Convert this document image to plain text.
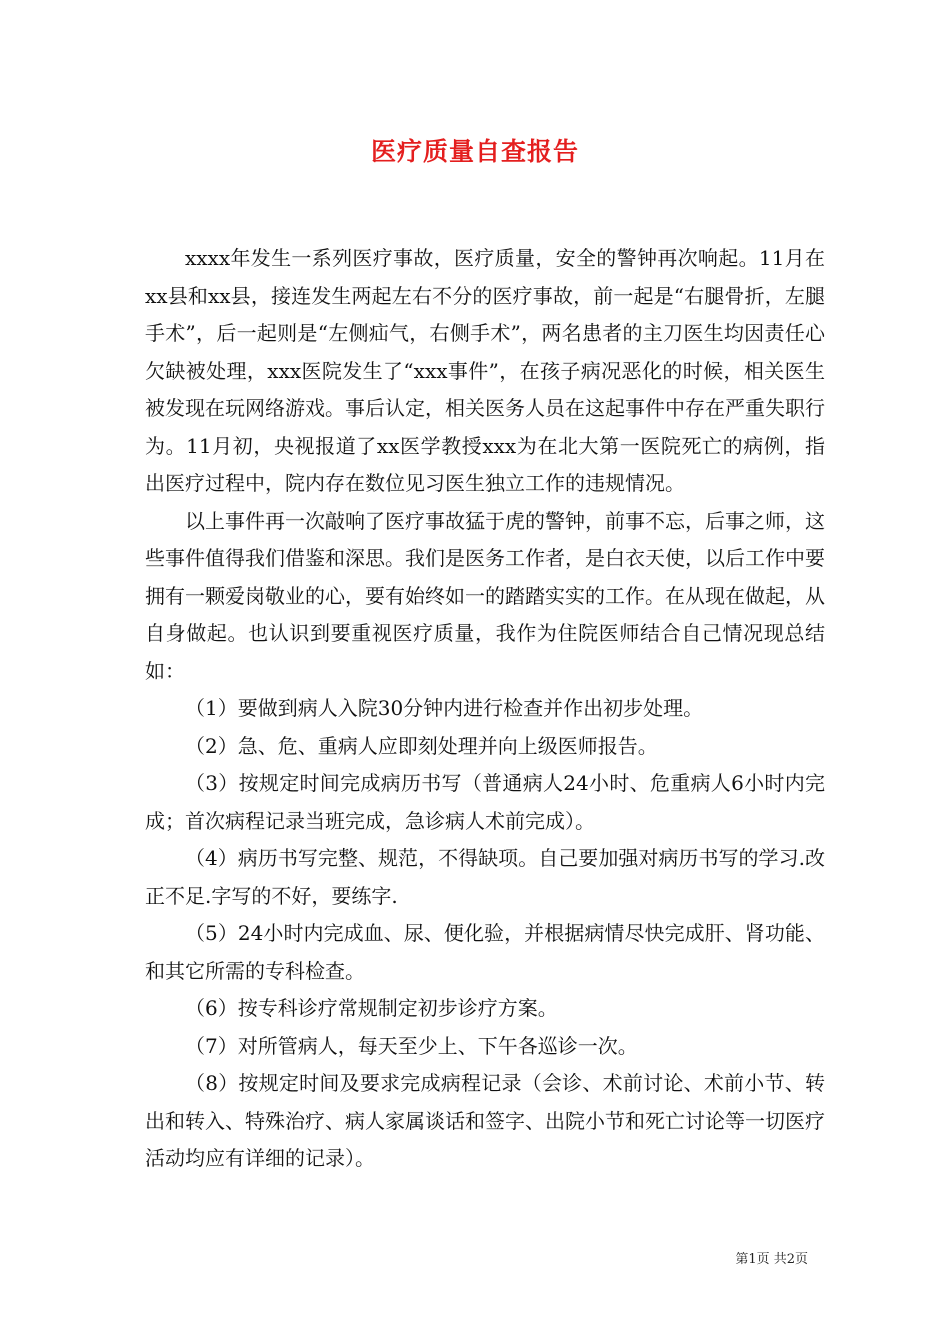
医疗质量自查报告

xxxx年发生一系列医疗事故，医疗质量，安全的警钟再次响起。11月在xx县和xx县，接连发生两起左右不分的医疗事故，前一起是“右腿骨折，左腿手术”，后一起则是“左侧疝气，右侧手术”，两名患者的主刀医生均因责任心欠缺被处理，xxx医院发生了“xxx事件”，在孩子病况恶化的时候，相关医生被发现在玩网络游戏。事后认定，相关医务人员在这起事件中存在严重失职行为。11月初，央视报道了xx医学教授xxx为在北大第一医院死亡的病例，指出医疗过程中，院内存在数位见习医生独立工作的违规情况。

以上事件再一次敲响了医疗事故猛于虎的警钟，前事不忘，后事之师，这些事件值得我们借鉴和深思。我们是医务工作者，是白衣天使，以后工作中要拥有一颗爱岗敬业的心，要有始终如一的踏踏实实的工作。在从现在做起，从自身做起。也认识到要重视医疗质量，我作为住院医师结合自己情况现总结如：

（1）要做到病人入院30分钟内进行检查并作出初步处理。

（2）急、危、重病人应即刻处理并向上级医师报告。

（3）按规定时间完成病历书写（普通病人24小时、危重病人6小时内完成；首次病程记录当班完成，急诊病人术前完成）。

（4）病历书写完整、规范，不得缺项。自己要加强对病历书写的学习.改正不足.字写的不好，要练字.

（5）24小时内完成血、尿、便化验，并根据病情尽快完成肝、肾功能、和其它所需的专科检查。

（6）按专科诊疗常规制定初步诊疗方案。

（7）对所管病人，每天至少上、下午各巡诊一次。

（8）按规定时间及要求完成病程记录（会诊、术前讨论、术前小节、转出和转入、特殊治疗、病人家属谈话和签字、出院小节和死亡讨论等一切医疗活动均应有详细的记录）。

第1页 共2页
